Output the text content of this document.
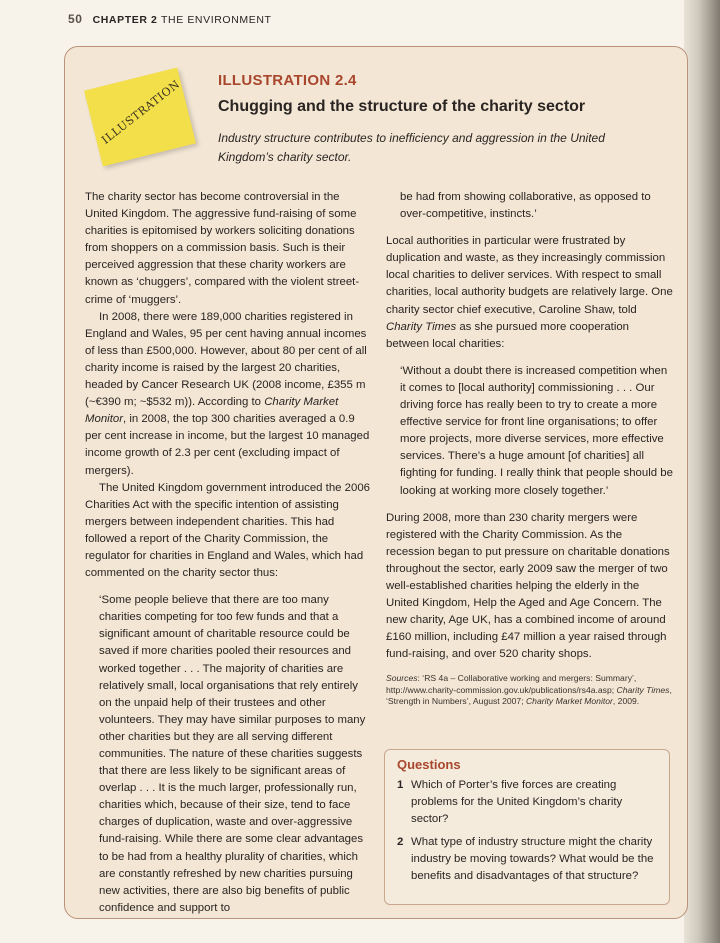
50 CHAPTER 2 THE ENVIRONMENT
ILLUSTRATION ILLUSTRATION 2.4
Chugging and the structure of the charity sector
Industry structure contributes to inefficiency and aggression in the United Kingdom’s charity sector.

The charity sector has become controversial in the United Kingdom. The aggressive fund-raising of some charities is epitomised by workers soliciting donations from shoppers on a commission basis. Such is their perceived aggression that these charity workers are known as ‘chuggers’, compared with the violent street-crime of ‘muggers’.

In 2008, there were 189,000 charities registered in England and Wales, 95 per cent having annual incomes of less than £500,000. However, about 80 per cent of all charity income is raised by the largest 20 charities, headed by Cancer Research UK (2008 income, £355 m (~€390 m; ~$532 m)). According to Charity Market Monitor, in 2008, the top 300 charities averaged a 0.9 per cent increase in income, but the largest 10 managed income growth of 2.3 per cent (excluding impact of mergers).

The United Kingdom government introduced the 2006 Charities Act with the specific intention of assisting mergers between independent charities. This had followed a report of the Charity Commission, the regulator for charities in England and Wales, which had commented on the charity sector thus:

‘Some people believe that there are too many charities competing for too few funds and that a significant amount of charitable resource could be saved if more charities pooled their resources and worked together . . . The majority of charities are relatively small, local organisations that rely entirely on the unpaid help of their trustees and other volunteers. They may have similar purposes to many other charities but they are all serving different communities. The nature of these charities suggests that there are less likely to be significant areas of overlap . . . It is the much larger, professionally run, charities which, because of their size, tend to face charges of duplication, waste and over-aggressive fund-raising. While there are some clear advantages to be had from a healthy plurality of charities, which are constantly refreshed by new charities pursuing new activities, there are also big benefits of public confidence and support to

be had from showing collaborative, as opposed to over-competitive, instincts.’

Local authorities in particular were frustrated by duplication and waste, as they increasingly commission local charities to deliver services. With respect to small charities, local authority budgets are relatively large. One charity sector chief executive, Caroline Shaw, told Charity Times as she pursued more cooperation between local charities:

‘Without a doubt there is increased competition when it comes to [local authority] commissioning . . . Our driving force has really been to try to create a more effective service for front line organisations; to offer more projects, more diverse services, more effective services. There’s a huge amount [of charities] all fighting for funding. I really think that people should be looking at working more closely together.’

During 2008, more than 230 charity mergers were registered with the Charity Commission. As the recession began to put pressure on charitable donations throughout the sector, early 2009 saw the merger of two well-established charities helping the elderly in the United Kingdom, Help the Aged and Age Concern. The new charity, Age UK, has a combined income of around £160 million, including £47 million a year raised through fund-raising, and over 520 charity shops.

Sources: ‘RS 4a – Collaborative working and mergers: Summary’, http://www.charity-commission.gov.uk/publications/rs4a.asp; Charity Times, ‘Strength in Numbers’, August 2007; Charity Market Monitor, 2009.

Questions
1 Which of Porter’s five forces are creating problems for the United Kingdom’s charity sector?
2 What type of industry structure might the charity industry be moving towards? What would be the benefits and disadvantages of that structure?
